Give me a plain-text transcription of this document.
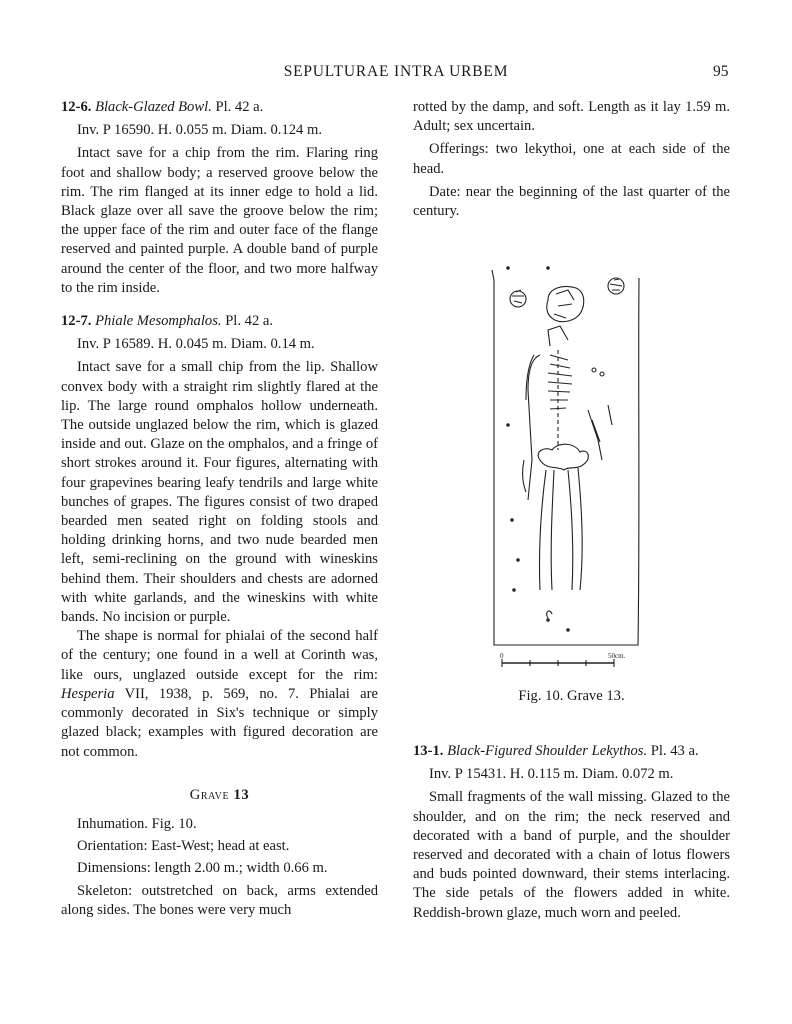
SEPULTURAE INTRA URBEM	95

12-6. Black-Glazed Bowl. Pl. 42 a.

Inv. P 16590. H. 0.055 m. Diam. 0.124 m.

Intact save for a chip from the rim. Flaring ring foot and shallow body; a reserved groove below the rim. The rim flanged at its inner edge to hold a lid. Black glaze over all save the groove below the rim; the upper face of the rim and outer face of the flange reserved and painted purple. A double band of purple around the center of the floor, and two more halfway to the rim inside.

12-7. Phiale Mesomphalos. Pl. 42 a.

Inv. P 16589. H. 0.045 m. Diam. 0.14 m.

Intact save for a small chip from the lip. Shallow convex body with a straight rim slightly flared at the lip. The large round omphalos hollow underneath. The outside unglazed below the rim, which is glazed inside and out. Glaze on the omphalos, and a fringe of short strokes around it. Four figures, alternating with four grapevines bearing leafy tendrils and large white bunches of grapes. The figures consist of two draped bearded men seated right on folding stools and holding drinking horns, and two nude bearded men left, semi-reclining on the ground with wineskins behind them. Their shoulders and chests are adorned with white garlands, and the wineskins with white bands. No incision or purple.

The shape is normal for phialai of the second half of the century; one found in a well at Corinth was, like ours, unglazed outside except for the rim: Hesperia VII, 1938, p. 569, no. 7. Phialai are commonly decorated in Six's technique or simply glazed black; examples with figured decoration are not common.

Grave 13

Inhumation. Fig. 10.

Orientation: East-West; head at east.

Dimensions: length 2.00 m.; width 0.66 m.

Skeleton: outstretched on back, arms extended along sides. The bones were very much

rotted by the damp, and soft. Length as it lay 1.59 m. Adult; sex uncertain.

Offerings: two lekythoi, one at each side of the head.

Date: near the beginning of the last quarter of the century.

0	50cm.
Fig. 10. Grave 13.

13-1. Black-Figured Shoulder Lekythos. Pl. 43 a.

Inv. P 15431. H. 0.115 m. Diam. 0.072 m.

Small fragments of the wall missing. Glazed to the shoulder, and on the rim; the neck reserved and decorated with a band of purple, and the shoulder reserved and decorated with a chain of lotus flowers and buds pointed downward, their stems interlacing. The side petals of the flowers added in white. Reddish-brown glaze, much worn and peeled.
